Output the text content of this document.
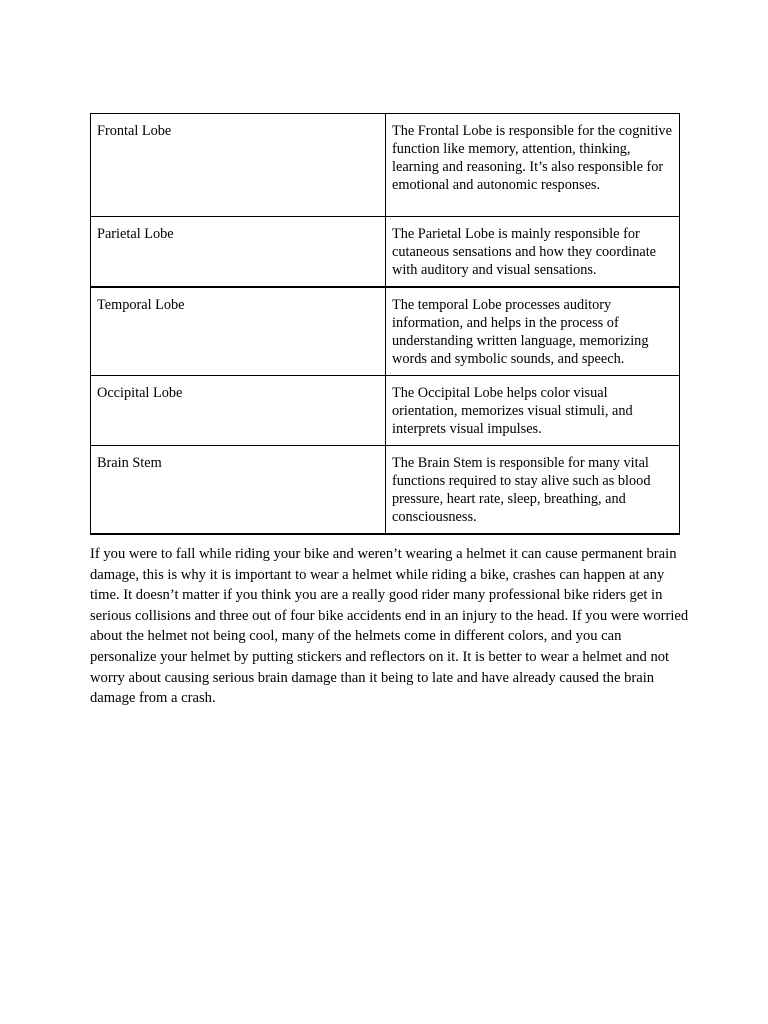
Frontal Lobe	The Frontal Lobe is responsible for the cognitive function like memory, attention, thinking, learning and reasoning. It’s also responsible for emotional and autonomic responses.
Parietal Lobe	The Parietal Lobe is mainly responsible for cutaneous sensations and how they coordinate with auditory and visual sensations.
Temporal Lobe	The temporal Lobe processes auditory information, and helps in the process of understanding written language, memorizing words and symbolic sounds, and speech.
Occipital Lobe	The Occipital Lobe helps color visual orientation, memorizes visual stimuli, and interprets visual impulses.
Brain Stem	The Brain Stem is responsible for many vital functions required to stay alive such as blood pressure, heart rate, sleep, breathing, and consciousness.

If you were to fall while riding your bike and weren’t wearing a helmet it can cause permanent brain damage, this is why it is important to wear a helmet while riding a bike, crashes can happen at any time. It doesn’t matter if you think you are a really good rider many professional bike riders get in serious collisions and three out of four bike accidents end in an injury to the head. If you were worried about the helmet not being cool, many of the helmets come in different colors, and you can personalize your helmet by putting stickers and reflectors on it. It is better to wear a helmet and not worry about causing serious brain damage than it being to late and have already caused the brain damage from a crash.
